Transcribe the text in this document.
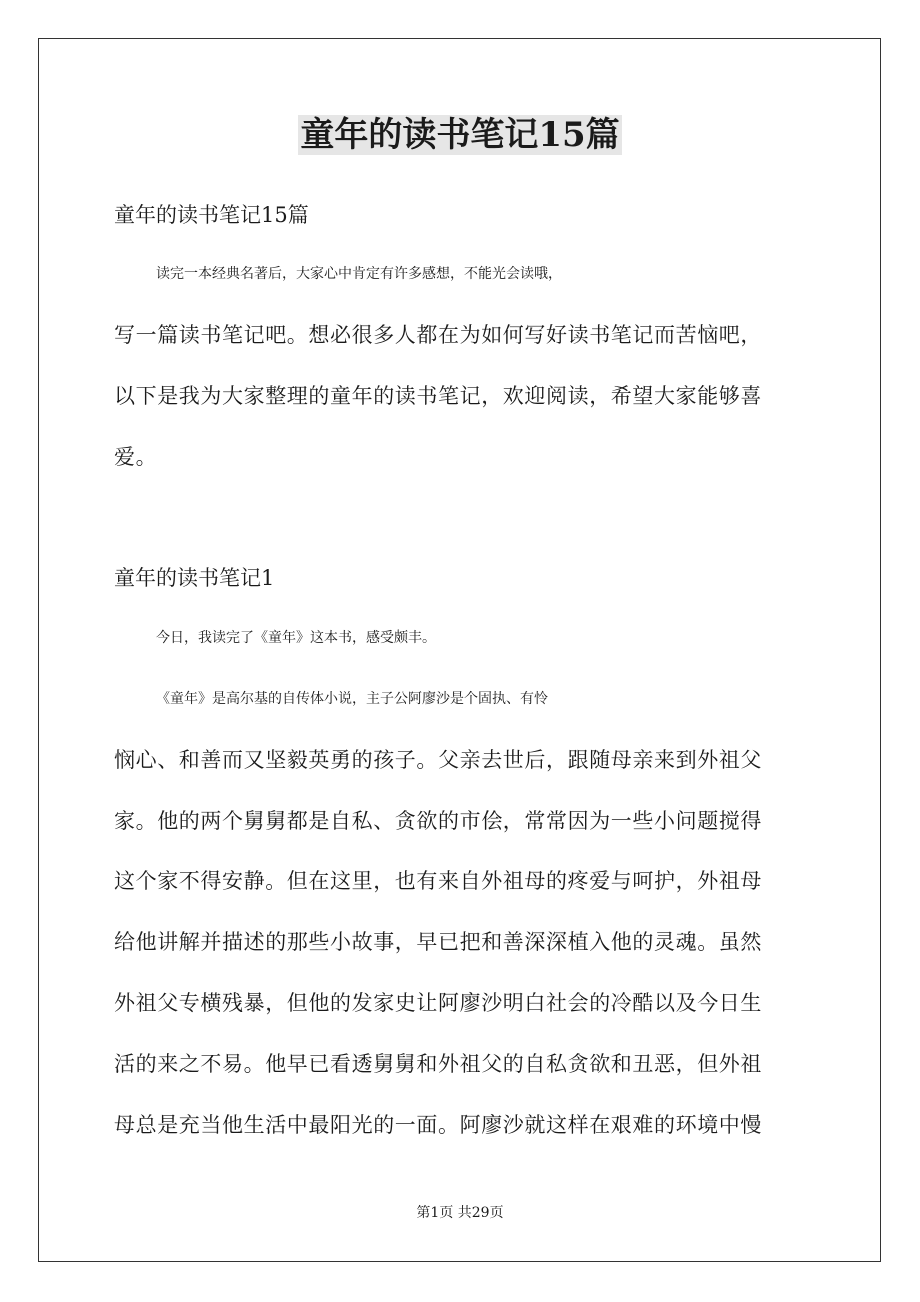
童年的读书笔记15篇

童年的读书笔记15篇

读完一本经典名著后，大家心中肯定有许多感想，不能光会读哦，

写一篇读书笔记吧。想必很多人都在为如何写好读书笔记而苦恼吧，

以下是我为大家整理的童年的读书笔记，欢迎阅读，希望大家能够喜

爱。

童年的读书笔记1

今日，我读完了《童年》这本书，感受颇丰。

《童年》是高尔基的自传体小说，主子公阿廖沙是个固执、有怜

悯心、和善而又坚毅英勇的孩子。父亲去世后，跟随母亲来到外祖父

家。他的两个舅舅都是自私、贪欲的市侩，常常因为一些小问题搅得

这个家不得安静。但在这里，也有来自外祖母的疼爱与呵护，外祖母

给他讲解并描述的那些小故事，早已把和善深深植入他的灵魂。虽然

外祖父专横残暴，但他的发家史让阿廖沙明白社会的冷酷以及今日生

活的来之不易。他早已看透舅舅和外祖父的自私贪欲和丑恶，但外祖

母总是充当他生活中最阳光的一面。阿廖沙就这样在艰难的环境中慢

第1页 共29页
